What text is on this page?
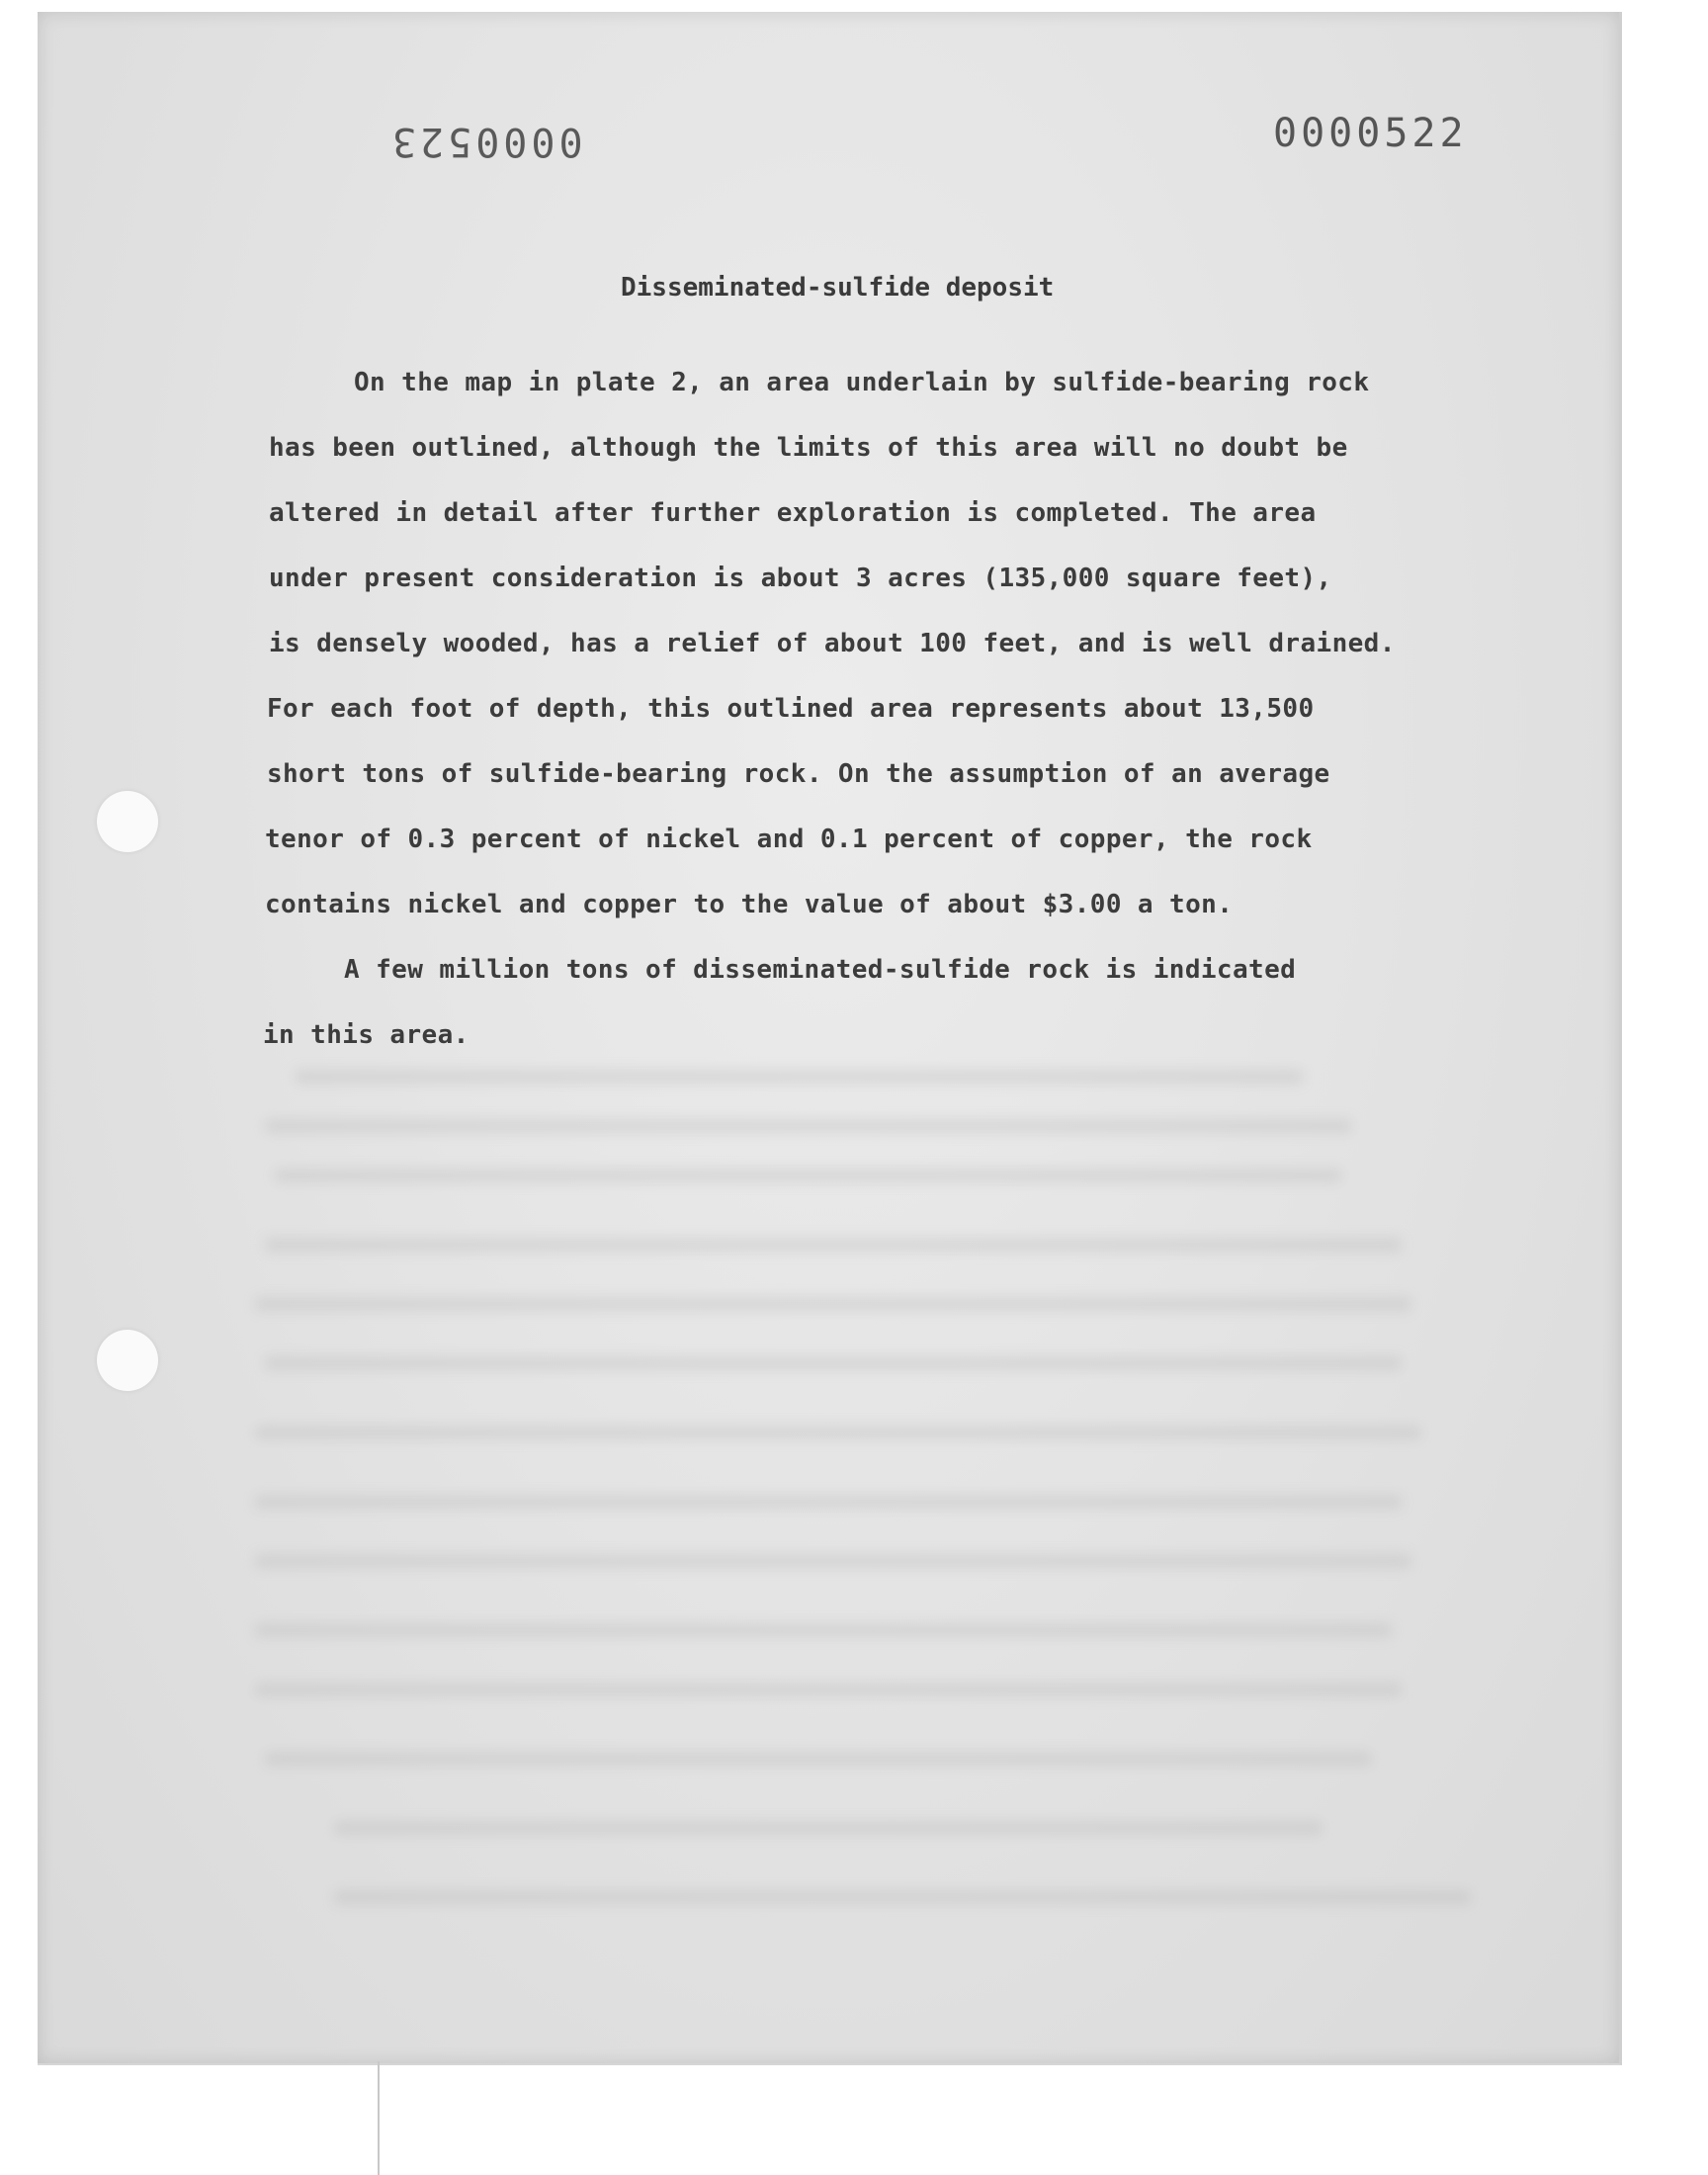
0000523	0000522
Disseminated-sulfide deposit
On the map in plate 2, an area underlain by sulfide-bearing rock
has been outlined, although the limits of this area will no doubt be
altered in detail after further exploration is completed. The area
under present consideration is about 3 acres (135,000 square feet),
is densely wooded, has a relief of about 100 feet, and is well drained.
For each foot of depth, this outlined area represents about 13,500
short tons of sulfide-bearing rock. On the assumption of an average
tenor of 0.3 percent of nickel and 0.1 percent of copper, the rock
contains nickel and copper to the value of about $3.00 a ton.
A few million tons of disseminated-sulfide rock is indicated
in this area.
